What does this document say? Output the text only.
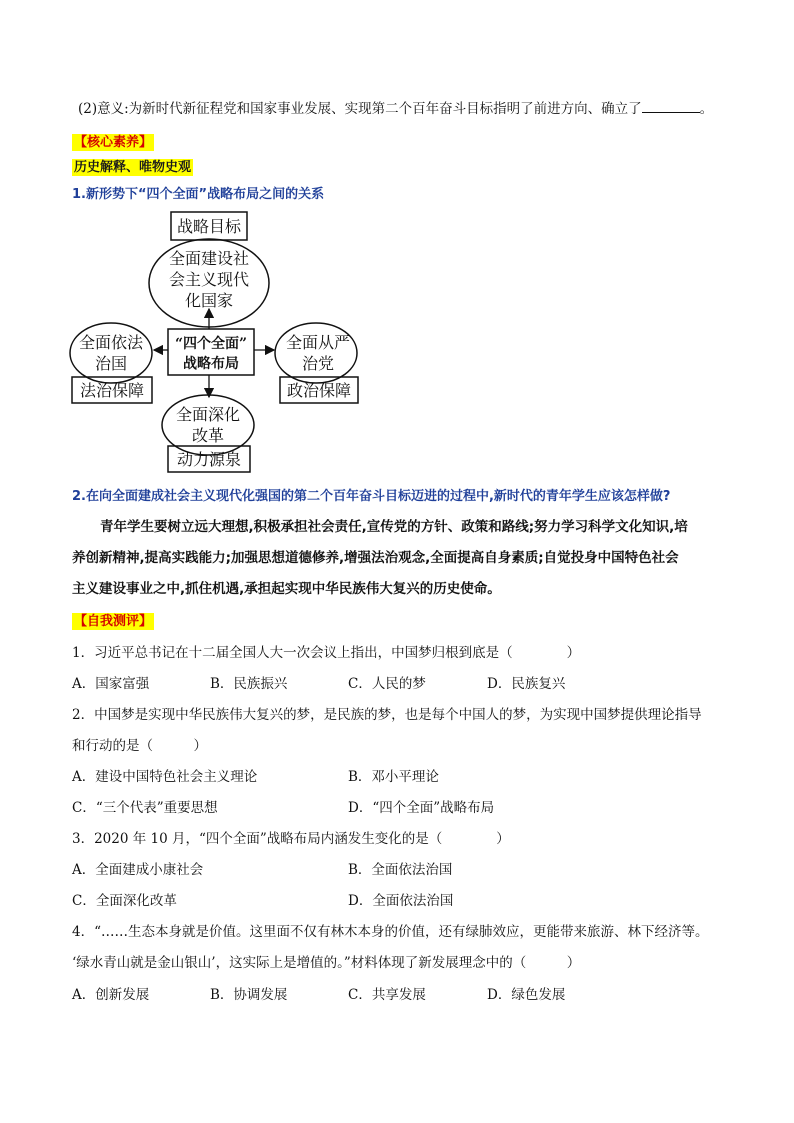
(2)意义:为新时代新征程党和国家事业发展、实现第二个百年奋斗目标指明了前进方向、确立了	。
【核心素养】
历史解释、唯物史观
1.新形势下“四个全面”战略布局之间的关系
战略目标
全面建设社
会主义现代
化国家
“四个全面”
战略布局
全面依法
治国
法治保障
全面从严
治党
政治保障
全面深化
改革
动力源泉
2.在向全面建成社会主义现代化强国的第二个百年奋斗目标迈进的过程中,新时代的青年学生应该怎样做?
青年学生要树立远大理想,积极承担社会责任,宣传党的方针、政策和路线;努力学习科学文化知识,培
养创新精神,提高实践能力;加强思想道德修养,增强法治观念,全面提高自身素质;自觉投身中国特色社会
主义建设事业之中,抓住机遇,承担起实现中华民族伟大复兴的历史使命。
【自我测评】
1．习近平总书记在十二届全国人大一次会议上指出，中国梦归根到底是（　　　　）
A．国家富强	B．民族振兴	C．人民的梦	D．民族复兴
2．中国梦是实现中华民族伟大复兴的梦，是民族的梦，也是每个中国人的梦，为实现中国梦提供理论指导
和行动的是（　　　）
A．建设中国特色社会主义理论	B．邓小平理论
C．“三个代表”重要思想	D．“四个全面”战略布局
3．2020 年 10 月，“四个全面”战略布局内涵发生变化的是（　　　　）
A．全面建成小康社会	B．全面依法治国
C．全面深化改革	D．全面依法治国
4．“……生态本身就是价值。这里面不仅有林木本身的价值，还有绿肺效应，更能带来旅游、林下经济等。
‘绿水青山就是金山银山’，这实际上是增值的。”材料体现了新发展理念中的（　　　）
A．创新发展	B．协调发展	C．共享发展	D．绿色发展
